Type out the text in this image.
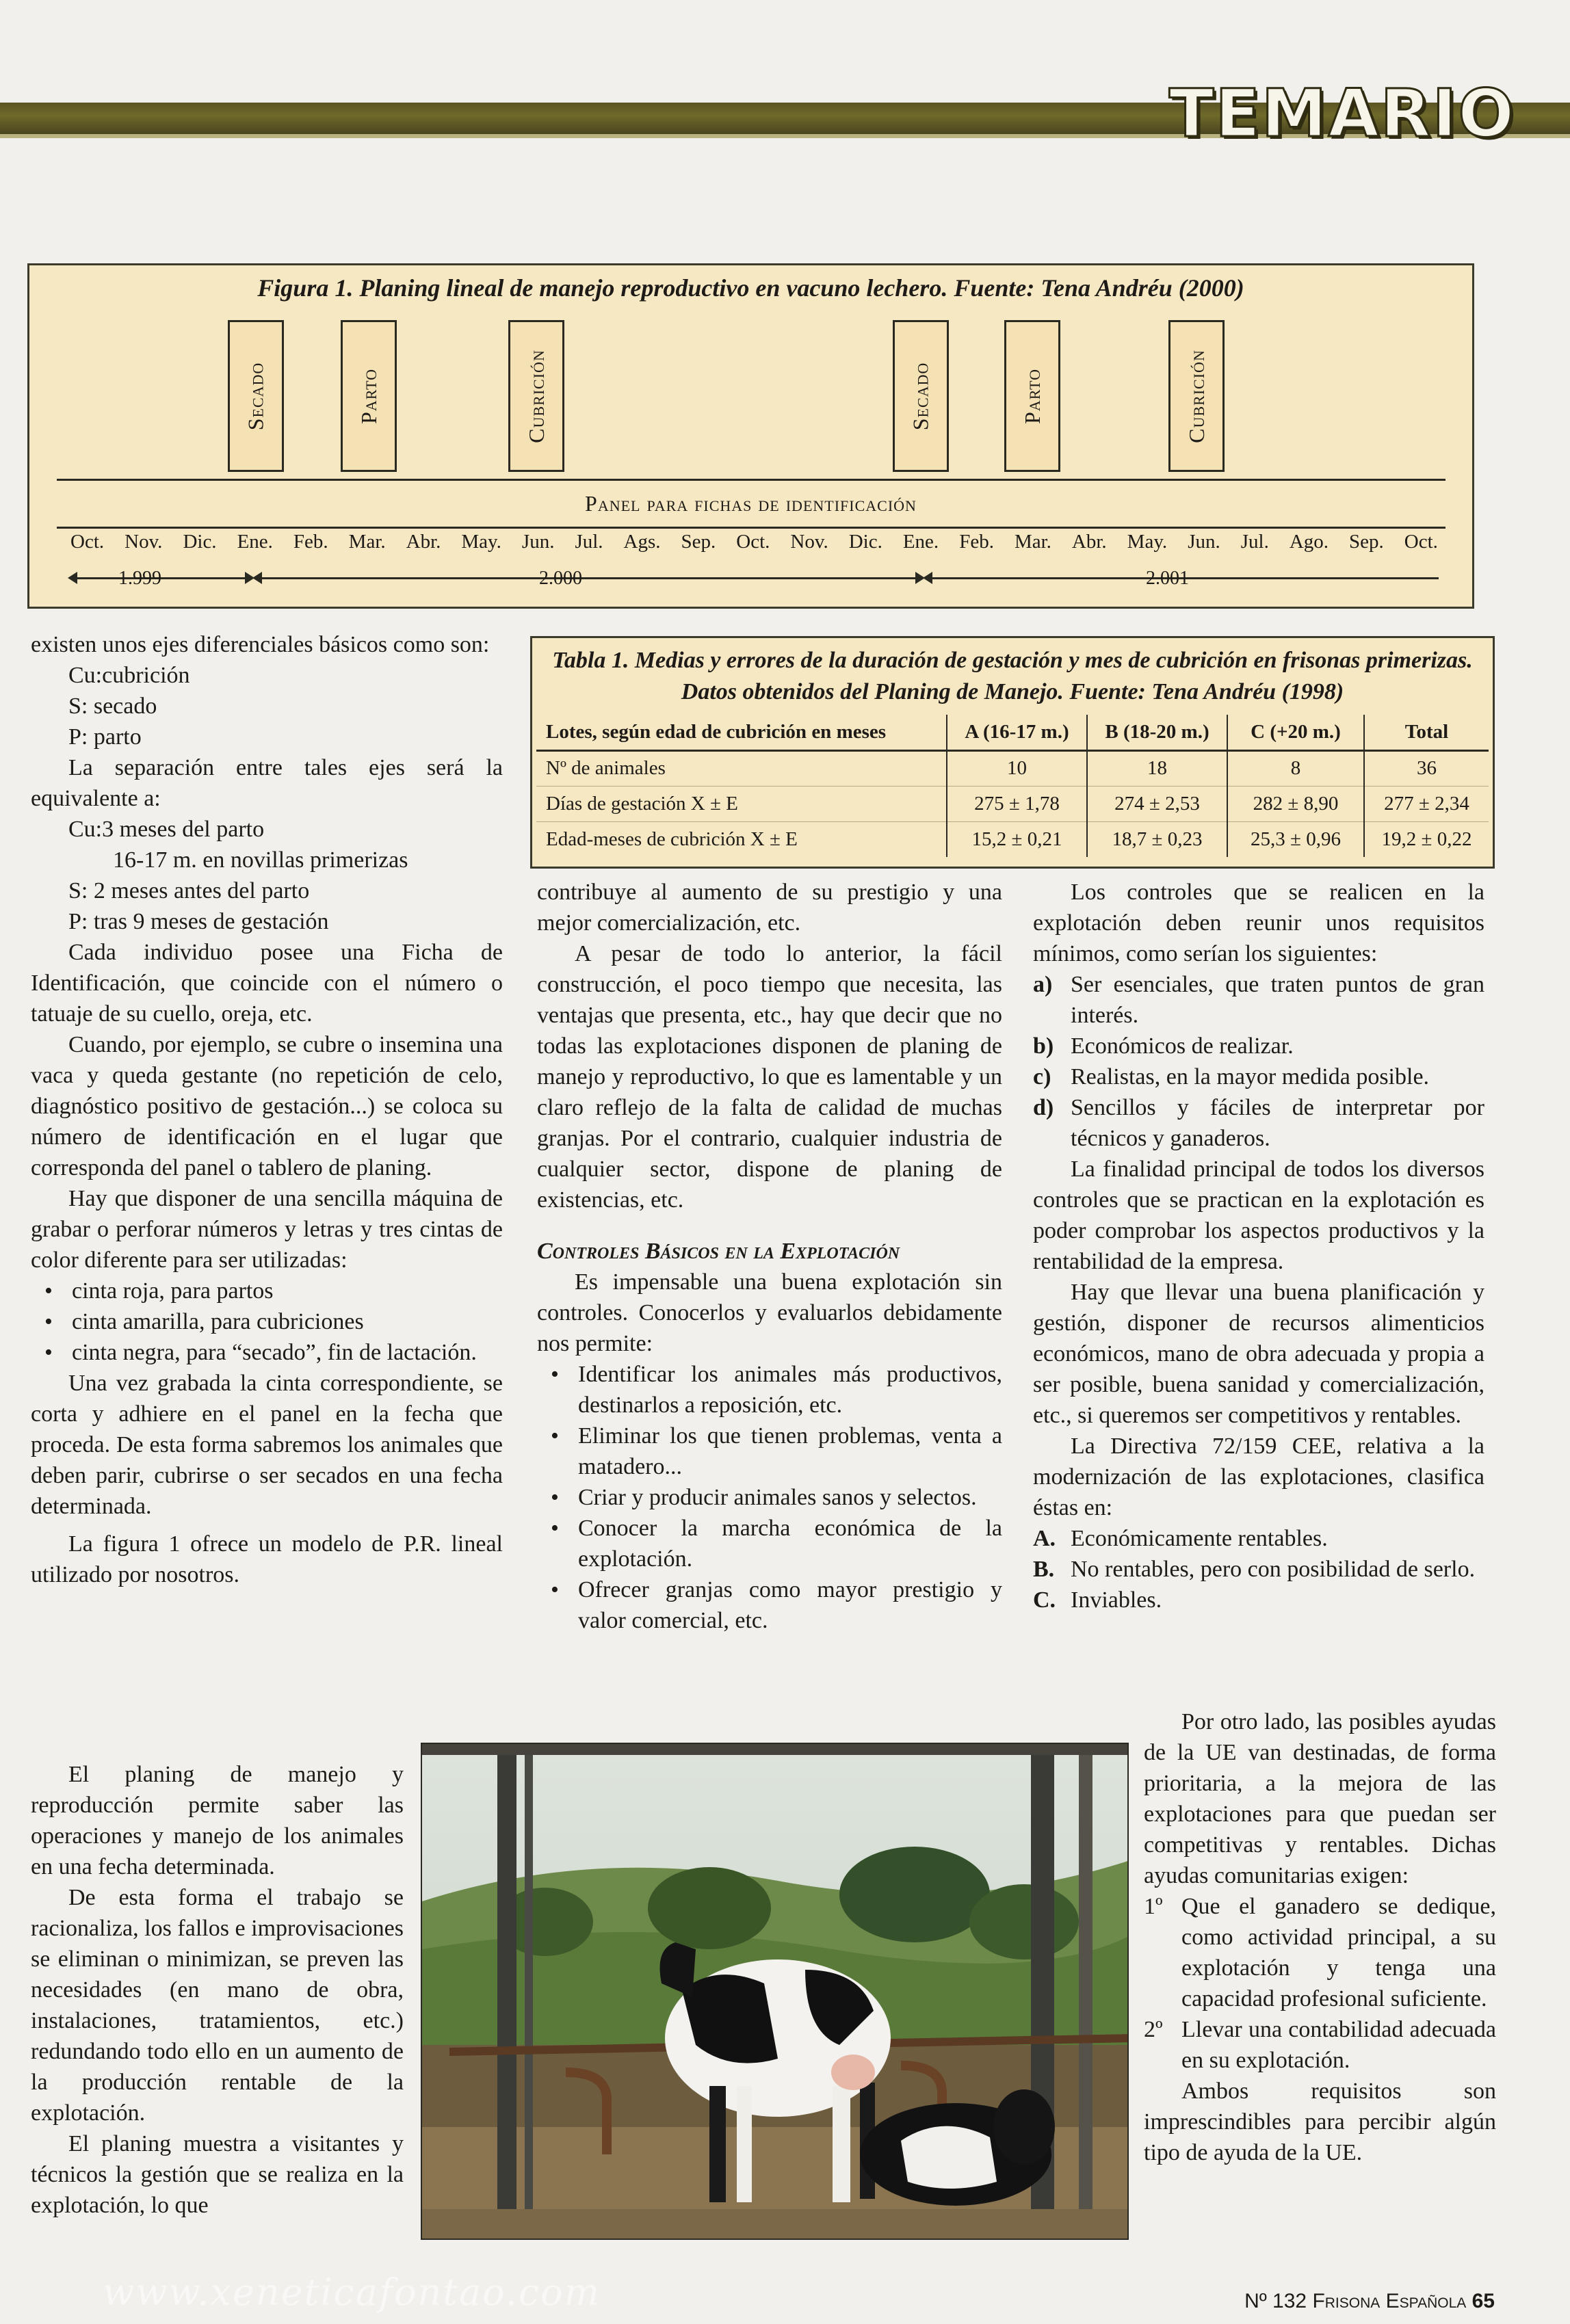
TEMARIO
Figura 1. Planing lineal de manejo reproductivo en vacuno lechero. Fuente: Tena Andréu (2000)
Secado	Parto	Cubrición	Secado	Parto	Cubrición
Panel para fichas de identificación
Oct. Nov. Dic. Ene. Feb. Mar. Abr. May. Jun. Jul. Ags. Sep. Oct. Nov. Dic. Ene. Feb. Mar. Abr. May. Jun. Jul. Ago. Sep. Oct.
1.999	2.000	2.001
Tabla 1. Medias y errores de la duración de gestación y mes de cubrición en frisonas primerizas. Datos obtenidos del Planing de Manejo. Fuente: Tena Andréu (1998)
Lotes, según edad de cubrición en meses	A (16-17 m.)	B (18-20 m.)	C (+20 m.)	Total
Nº de animales	10	18	8	36
Días de gestación X ± E	275 ± 1,78	274 ± 2,53	282 ± 8,90	277 ± 2,34
Edad-meses de cubrición X ± E	15,2 ± 0,21	18,7 ± 0,23	25,3 ± 0,96	19,2 ± 0,22

existen unos ejes diferenciales básicos como son:

Cu:cubrición

S: secado

P: parto

La separación entre tales ejes será la equivalente a:

Cu:3 meses del parto

16-17 m. en novillas primerizas

S: 2 meses antes del parto

P: tras 9 meses de gestación

Cada individuo posee una Ficha de Identificación, que coincide con el número o tatuaje de su cuello, oreja, etc.

Cuando, por ejemplo, se cubre o insemina una vaca y queda gestante (no repetición de celo, diagnóstico positivo de gestación...) se coloca su número de identificación en el lugar que corresponda del panel o tablero de planing.

Hay que disponer de una sencilla máquina de grabar o perforar números y letras y tres cintas de color diferente para ser utilizadas:

• cinta roja, para partos
• cinta amarilla, para cubriciones
• cinta negra, para “secado”, fin de lactación.

Una vez grabada la cinta correspondiente, se corta y adhiere en el panel en la fecha que proceda. De esta forma sabremos los animales que deben parir, cubrirse o ser secados en una fecha determinada.

La figura 1 ofrece un modelo de P.R. lineal utilizado por nosotros.

El planing de manejo y reproducción permite saber las operaciones y manejo de los animales en una fecha determinada.

De esta forma el trabajo se racionaliza, los fallos e improvisaciones se eliminan o minimizan, se preven las necesidades (en mano de obra, instalaciones, tratamientos, etc.) redundando todo ello en un aumento de la producción rentable de la explotación.

El planing muestra a visitantes y técnicos la gestión que se realiza en la explotación, lo que

contribuye al aumento de su prestigio y una mejor comercialización, etc.

A pesar de todo lo anterior, la fácil construcción, el poco tiempo que necesita, las ventajas que presenta, etc., hay que decir que no todas las explotaciones disponen de planing de manejo y reproductivo, lo que es lamentable y un claro reflejo de la falta de calidad de muchas granjas. Por el contrario, cualquier industria de cualquier sector, dispone de planing de existencias, etc.

Controles Básicos en la Explotación

Es impensable una buena explotación sin controles. Conocerlos y evaluarlos debidamente nos permite:

• Identificar los animales más productivos, destinarlos a reposición, etc.
• Eliminar los que tienen problemas, venta a matadero...
• Criar y producir animales sanos y selectos.
• Conocer la marcha económica de la explotación.
• Ofrecer granjas como mayor prestigio y valor comercial, etc.

Los controles que se realicen en la explotación deben reunir unos requisitos mínimos, como serían los siguientes:

a) Ser esenciales, que traten puntos de gran interés.
b) Económicos de realizar.
c) Realistas, en la mayor medida posible.
d) Sencillos y fáciles de interpretar por técnicos y ganaderos.

La finalidad principal de todos los diversos controles que se practican en la explotación es poder comprobar los aspectos productivos y la rentabilidad de la empresa.

Hay que llevar una buena planificación y gestión, disponer de recursos alimenticios económicos, mano de obra adecuada y propia a ser posible, buena sanidad y comercialización, etc., si queremos ser competitivos y rentables.

La Directiva 72/159 CEE, relativa a la modernización de las explotaciones, clasifica éstas en:

A. Económicamente rentables.
B. No rentables, pero con posibilidad de serlo.
C. Inviables.

Por otro lado, las posibles ayudas de la UE van destinadas, de forma prioritaria, a la mejora de las explotaciones para que puedan ser competitivas y rentables. Dichas ayudas comunitarias exigen:

1º Que el ganadero se dedique, como actividad principal, a su explotación y tenga una capacidad profesional suficiente.
2º Llevar una contabilidad adecuada en su explotación.

Ambos requisitos son imprescindibles para percibir algún tipo de ayuda de la UE.

www.xeneticafontao.com	Nº 132 Frisona Española 65
